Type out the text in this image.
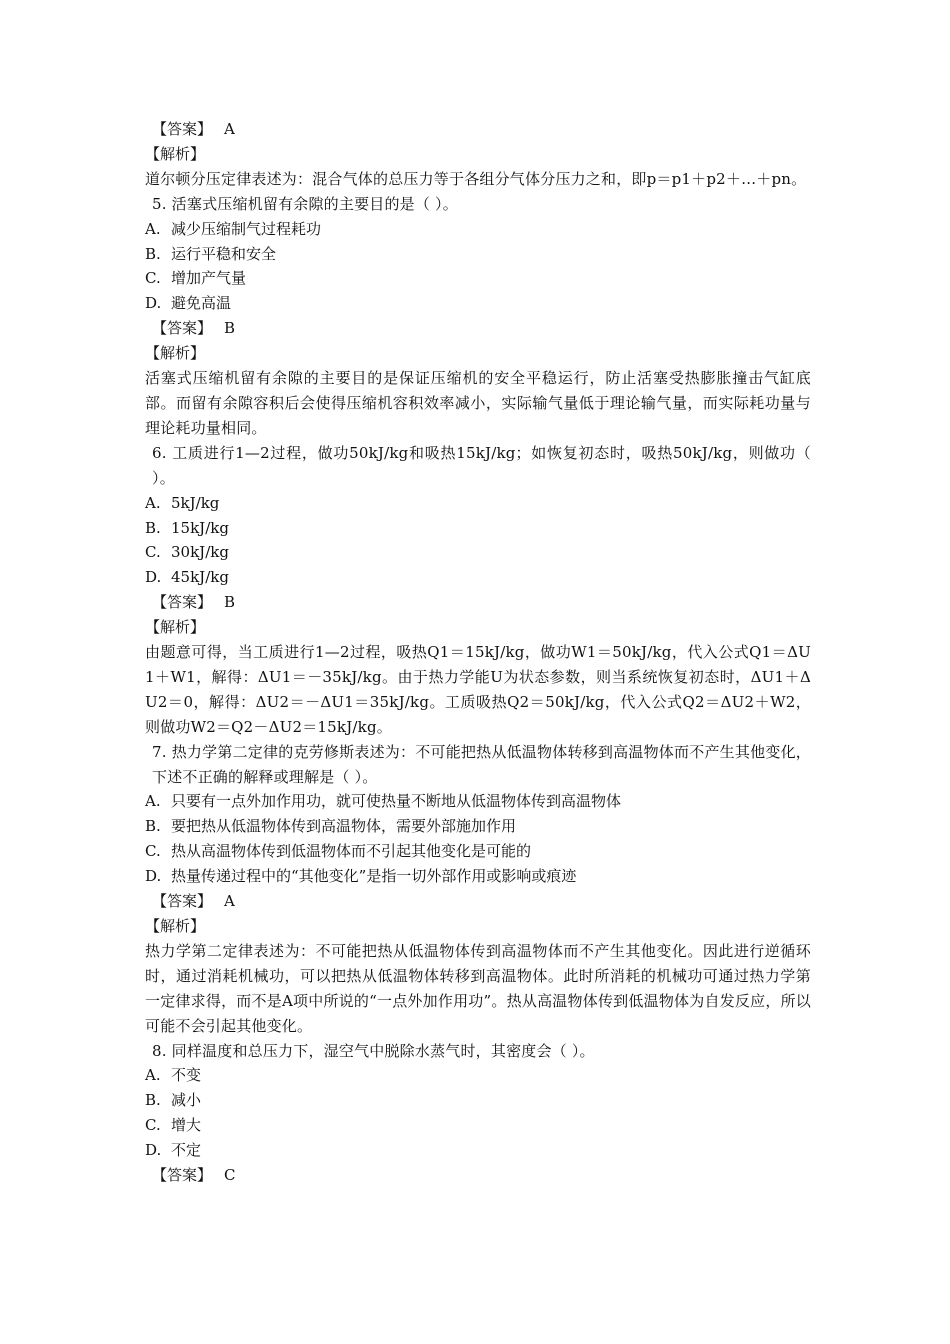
【答案】 A
【解析】
道尔顿分压定律表述为：混合气体的总压力等于各组分气体分压力之和，即p＝p1＋p2＋…＋pn。
5. 活塞式压缩机留有余隙的主要目的是（ ）。
A. 减少压缩制气过程耗功
B. 运行平稳和安全
C. 增加产气量
D. 避免高温
【答案】 B
【解析】
活塞式压缩机留有余隙的主要目的是保证压缩机的安全平稳运行，防止活塞受热膨胀撞击气缸底部。而留有余隙容积后会使得压缩机容积效率减小，实际输气量低于理论输气量，而实际耗功量与理论耗功量相同。
6. 工质进行1—2过程，做功50kJ/kg和吸热15kJ/kg；如恢复初态时，吸热50kJ/kg，则做功（ ）。
A. 5kJ/kg
B. 15kJ/kg
C. 30kJ/kg
D. 45kJ/kg
【答案】 B
【解析】
由题意可得，当工质进行1—2过程，吸热Q1＝15kJ/kg，做功W1＝50kJ/kg，代入公式Q1＝ΔU1＋W1，解得：ΔU1＝－35kJ/kg。由于热力学能U为状态参数，则当系统恢复初态时，ΔU1＋ΔU2＝0，解得：ΔU2＝－ΔU1＝35kJ/kg。工质吸热Q2＝50kJ/kg，代入公式Q2＝ΔU2＋W2，则做功W2＝Q2－ΔU2＝15kJ/kg。
7. 热力学第二定律的克劳修斯表述为：不可能把热从低温物体转移到高温物体而不产生其他变化，下述不正确的解释或理解是（ ）。
A. 只要有一点外加作用功，就可使热量不断地从低温物体传到高温物体
B. 要把热从低温物体传到高温物体，需要外部施加作用
C. 热从高温物体传到低温物体而不引起其他变化是可能的
D. 热量传递过程中的“其他变化”是指一切外部作用或影响或痕迹
【答案】 A
【解析】
热力学第二定律表述为：不可能把热从低温物体传到高温物体而不产生其他变化。因此进行逆循环时，通过消耗机械功，可以把热从低温物体转移到高温物体。此时所消耗的机械功可通过热力学第一定律求得，而不是A项中所说的“一点外加作用功”。热从高温物体传到低温物体为自发反应，所以可能不会引起其他变化。
8. 同样温度和总压力下，湿空气中脱除水蒸气时，其密度会（ ）。
A. 不变
B. 减小
C. 增大
D. 不定
【答案】 C
